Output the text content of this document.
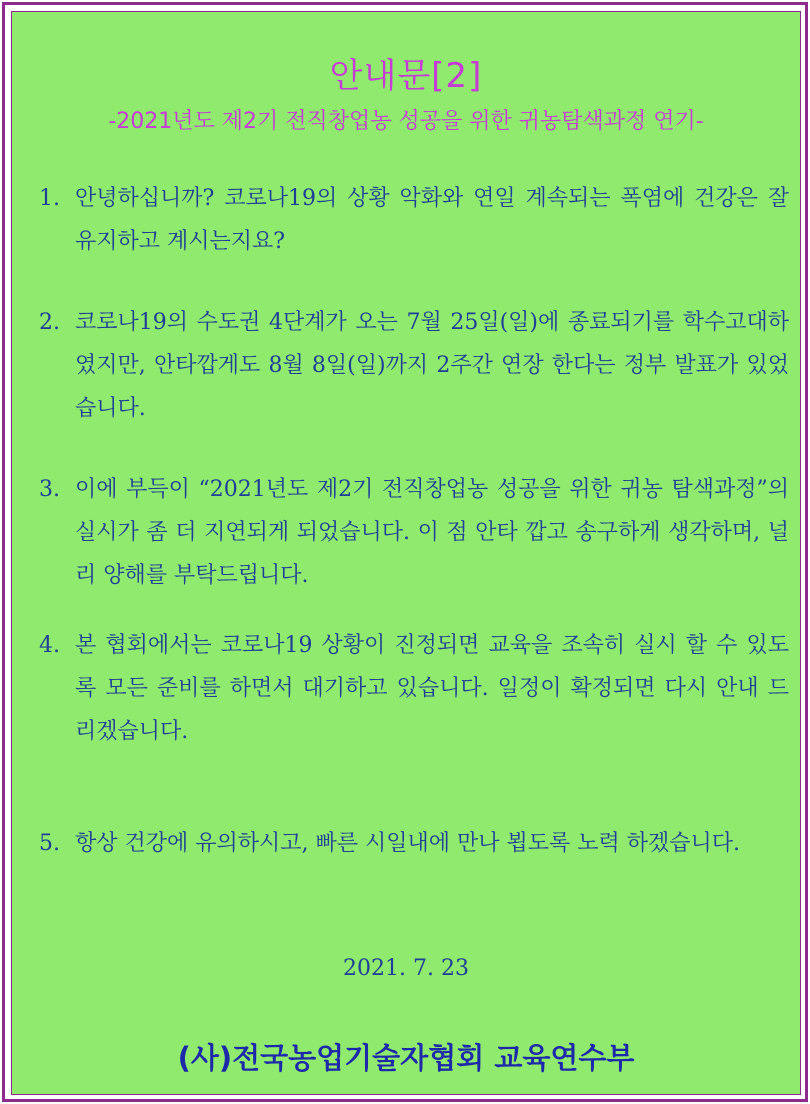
안내문[2]
-2021년도 제2기 전직창업농 성공을 위한 귀농탐색과정 연기-
1. 안녕하십니까? 코로나19의 상황 악화와 연일 계속되는 폭염에 건강은 잘 유지하고 계시는지요?
2. 코로나19의 수도권 4단계가 오는 7월 25일(일)에 종료되기를 학수고대하였지만, 안타깝게도 8월 8일(일)까지 2주간 연장 한다는 정부 발표가 있었습니다.
3. 이에 부득이 “2021년도 제2기 전직창업농 성공을 위한 귀농 탐색과정”의 실시가 좀 더 지연되게 되었습니다. 이 점 안타 깝고 송구하게 생각하며, 널리 양해를 부탁드립니다.
4. 본 협회에서는 코로나19 상황이 진정되면 교육을 조속히 실시 할 수 있도록 모든 준비를 하면서 대기하고 있습니다. 일정이 확정되면 다시 안내 드리겠습니다.
5. 항상 건강에 유의하시고, 빠른 시일내에 만나 뵙도록 노력 하겠습니다.
2021. 7. 23
(사)전국농업기술자협회 교육연수부
